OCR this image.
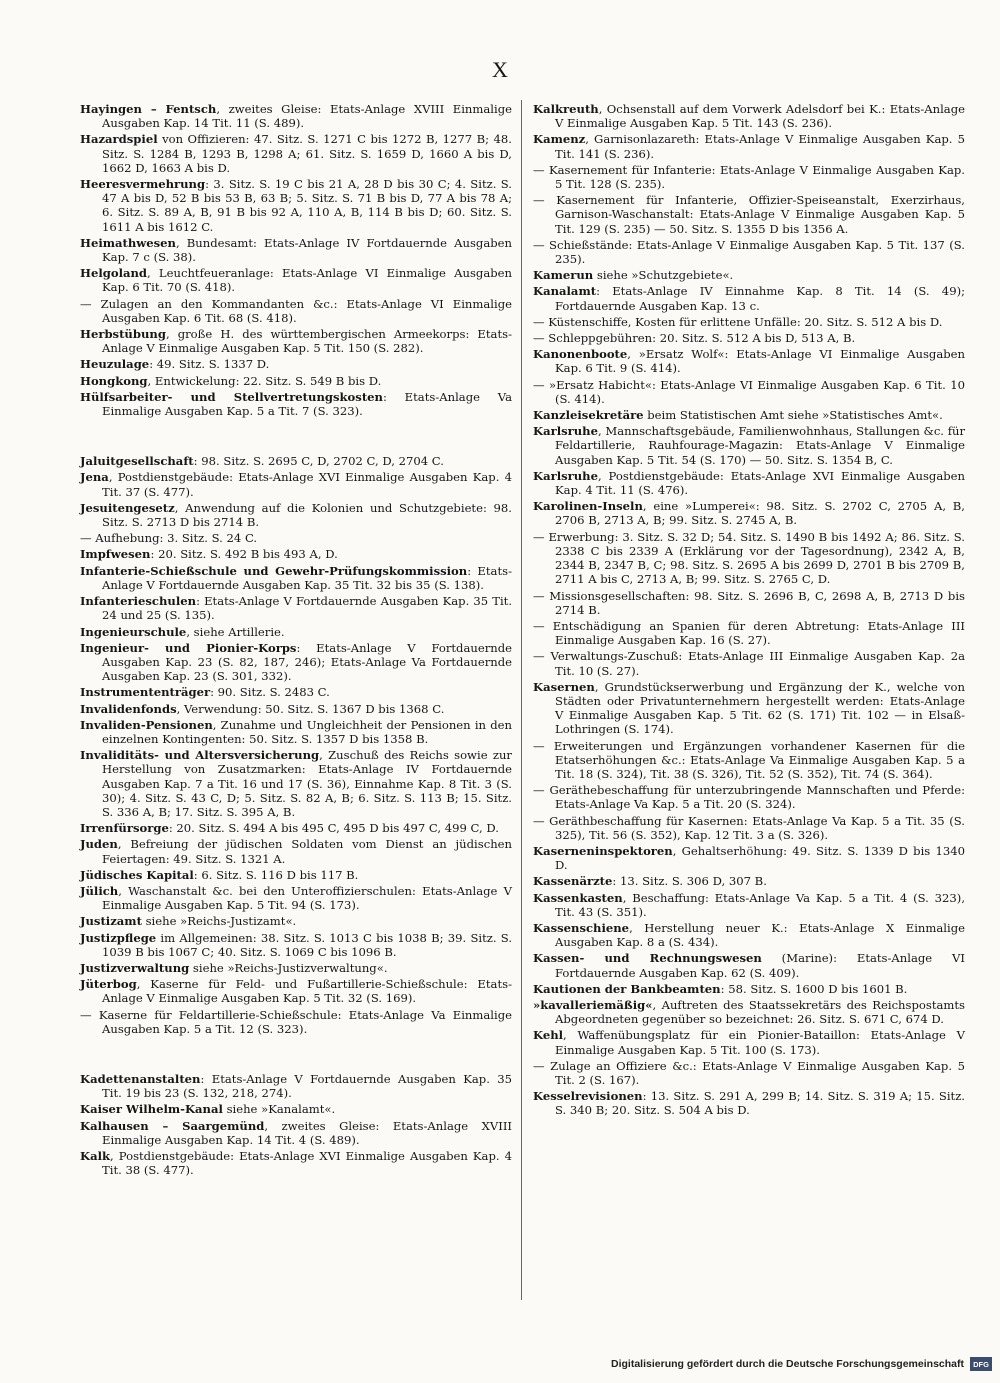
X
Hayingen – Fentsch, zweites Gleise: Etats-Anlage XVIII Einmalige Ausgaben Kap. 14 Tit. 11 (S. 489).
Hazardspiel von Offizieren: 47. Sitz. S. 1271 C bis 1272 B, 1277 B; 48. Sitz. S. 1284 B, 1293 B, 1298 A; 61. Sitz. S. 1659 D, 1660 A bis D, 1662 D, 1663 A bis D.
Heeresvermehrung: 3. Sitz. S. 19 C bis 21 A, 28 D bis 30 C; 4. Sitz. S. 47 A bis D, 52 B bis 53 B, 63 B; 5. Sitz. S. 71 B bis D, 77 A bis 78 A; 6. Sitz. S. 89 A, B, 91 B bis 92 A, 110 A, B, 114 B bis D; 60. Sitz. S. 1611 A bis 1612 C.
Heimathwesen, Bundesamt: Etats-Anlage IV Fortdauernde Ausgaben Kap. 7 c (S. 38).
Helgoland, Leuchtfeueranlage: Etats-Anlage VI Einmalige Ausgaben Kap. 6 Tit. 70 (S. 418).
— Zulagen an den Kommandanten &c.: Etats-Anlage VI Einmalige Ausgaben Kap. 6 Tit. 68 (S. 418).
Herbstübung, große H. des württembergischen Armeekorps: Etats-Anlage V Einmalige Ausgaben Kap. 5 Tit. 150 (S. 282).
Heuzulage: 49. Sitz. S. 1337 D.
Hongkong, Entwickelung: 22. Sitz. S. 549 B bis D.
Hülfsarbeiter- und Stellvertretungskosten: Etats-Anlage Va Einmalige Ausgaben Kap. 5 a Tit. 7 (S. 323).
Jaluitgesellschaft: 98. Sitz. S. 2695 C, D, 2702 C, D, 2704 C.
Jena, Postdienstgebäude: Etats-Anlage XVI Einmalige Ausgaben Kap. 4 Tit. 37 (S. 477).
Jesuitengesetz, Anwendung auf die Kolonien und Schutzgebiete: 98. Sitz. S. 2713 D bis 2714 B.
— Aufhebung: 3. Sitz. S. 24 C.
Impfwesen: 20. Sitz. S. 492 B bis 493 A, D.
Infanterie-Schießschule und Gewehr-Prüfungskommission: Etats-Anlage V Fortdauernde Ausgaben Kap. 35 Tit. 32 bis 35 (S. 138).
Infanterieschulen: Etats-Anlage V Fortdauernde Ausgaben Kap. 35 Tit. 24 und 25 (S. 135).
Ingenieurschule, siehe Artillerie.
Ingenieur- und Pionier-Korps: Etats-Anlage V Fortdauernde Ausgaben Kap. 23 (S. 82, 187, 246); Etats-Anlage Va Fortdauernde Ausgaben Kap. 23 (S. 301, 332).
Instrumententräger: 90. Sitz. S. 2483 C.
Invalidenfonds, Verwendung: 50. Sitz. S. 1367 D bis 1368 C.
Invaliden-Pensionen, Zunahme und Ungleichheit der Pensionen in den einzelnen Kontingenten: 50. Sitz. S. 1357 D bis 1358 B.
Invaliditäts- und Altersversicherung, Zuschuß des Reichs sowie zur Herstellung von Zusatzmarken: Etats-Anlage IV Fortdauernde Ausgaben Kap. 7 a Tit. 16 und 17 (S. 36), Einnahme Kap. 8 Tit. 3 (S. 30); 4. Sitz. S. 43 C, D; 5. Sitz. S. 82 A, B; 6. Sitz. S. 113 B; 15. Sitz. S. 336 A, B; 17. Sitz. S. 395 A, B.
Irrenfürsorge: 20. Sitz. S. 494 A bis 495 C, 495 D bis 497 C, 499 C, D.
Juden, Befreiung der jüdischen Soldaten vom Dienst an jüdischen Feiertagen: 49. Sitz. S. 1321 A.
Jüdisches Kapital: 6. Sitz. S. 116 D bis 117 B.
Jülich, Waschanstalt &c. bei den Unteroffizierschulen: Etats-Anlage V Einmalige Ausgaben Kap. 5 Tit. 94 (S. 173).
Justizamt siehe »Reichs-Justizamt«.
Justizpflege im Allgemeinen: 38. Sitz. S. 1013 C bis 1038 B; 39. Sitz. S. 1039 B bis 1067 C; 40. Sitz. S. 1069 C bis 1096 B.
Justizverwaltung siehe »Reichs-Justizverwaltung«.
Jüterbog, Kaserne für Feld- und Fußartillerie-Schießschule: Etats-Anlage V Einmalige Ausgaben Kap. 5 Tit. 32 (S. 169).
— Kaserne für Feldartillerie-Schießschule: Etats-Anlage Va Einmalige Ausgaben Kap. 5 a Tit. 12 (S. 323).
Kadettenanstalten: Etats-Anlage V Fortdauernde Ausgaben Kap. 35 Tit. 19 bis 23 (S. 132, 218, 274).
Kaiser Wilhelm-Kanal siehe »Kanalamt«.
Kalhausen – Saargemünd, zweites Gleise: Etats-Anlage XVIII Einmalige Ausgaben Kap. 14 Tit. 4 (S. 489).
Kalk, Postdienstgebäude: Etats-Anlage XVI Einmalige Ausgaben Kap. 4 Tit. 38 (S. 477).
Kalkreuth, Ochsenstall auf dem Vorwerk Adelsdorf bei K.: Etats-Anlage V Einmalige Ausgaben Kap. 5 Tit. 143 (S. 236).
Kamenz, Garnisonlazareth: Etats-Anlage V Einmalige Ausgaben Kap. 5 Tit. 141 (S. 236).
— Kasernement für Infanterie: Etats-Anlage V Einmalige Ausgaben Kap. 5 Tit. 128 (S. 235).
— Kasernement für Infanterie, Offizier-Speiseanstalt, Exerzirhaus, Garnison-Waschanstalt: Etats-Anlage V Einmalige Ausgaben Kap. 5 Tit. 129 (S. 235) — 50. Sitz. S. 1355 D bis 1356 A.
— Schießstände: Etats-Anlage V Einmalige Ausgaben Kap. 5 Tit. 137 (S. 235).
Kamerun siehe »Schutzgebiete«.
Kanalamt: Etats-Anlage IV Einnahme Kap. 8 Tit. 14 (S. 49); Fortdauernde Ausgaben Kap. 13 c.
— Küstenschiffe, Kosten für erlittene Unfälle: 20. Sitz. S. 512 A bis D.
— Schleppgebühren: 20. Sitz. S. 512 A bis D, 513 A, B.
Kanonenboote, »Ersatz Wolf«: Etats-Anlage VI Einmalige Ausgaben Kap. 6 Tit. 9 (S. 414).
— »Ersatz Habicht«: Etats-Anlage VI Einmalige Ausgaben Kap. 6 Tit. 10 (S. 414).
Kanzleisekretäre beim Statistischen Amt siehe »Statistisches Amt«.
Karlsruhe, Mannschaftsgebäude, Familienwohnhaus, Stallungen &c. für Feldartillerie, Rauhfourage-Magazin: Etats-Anlage V Einmalige Ausgaben Kap. 5 Tit. 54 (S. 170) — 50. Sitz. S. 1354 B, C.
Karlsruhe, Postdienstgebäude: Etats-Anlage XVI Einmalige Ausgaben Kap. 4 Tit. 11 (S. 476).
Karolinen-Inseln, eine »Lumperei«: 98. Sitz. S. 2702 C, 2705 A, B, 2706 B, 2713 A, B; 99. Sitz. S. 2745 A, B.
— Erwerbung: 3. Sitz. S. 32 D; 54. Sitz. S. 1490 B bis 1492 A; 86. Sitz. S. 2338 C bis 2339 A (Erklärung vor der Tagesordnung), 2342 A, B, 2344 B, 2347 B, C; 98. Sitz. S. 2695 A bis 2699 D, 2701 B bis 2709 B, 2711 A bis C, 2713 A, B; 99. Sitz. S. 2765 C, D.
— Missionsgesellschaften: 98. Sitz. S. 2696 B, C, 2698 A, B, 2713 D bis 2714 B.
— Entschädigung an Spanien für deren Abtretung: Etats-Anlage III Einmalige Ausgaben Kap. 16 (S. 27).
— Verwaltungs-Zuschuß: Etats-Anlage III Einmalige Ausgaben Kap. 2a Tit. 10 (S. 27).
Kasernen, Grundstückserwerbung und Ergänzung der K., welche von Städten oder Privatunternehmern hergestellt werden: Etats-Anlage V Einmalige Ausgaben Kap. 5 Tit. 62 (S. 171) Tit. 102 — in Elsaß-Lothringen (S. 174).
— Erweiterungen und Ergänzungen vorhandener Kasernen für die Etatserhöhungen &c.: Etats-Anlage Va Einmalige Ausgaben Kap. 5 a Tit. 18 (S. 324), Tit. 38 (S. 326), Tit. 52 (S. 352), Tit. 74 (S. 364).
— Geräthebeschaffung für unterzubringende Mannschaften und Pferde: Etats-Anlage Va Kap. 5 a Tit. 20 (S. 324).
— Geräthbeschaffung für Kasernen: Etats-Anlage Va Kap. 5 a Tit. 35 (S. 325), Tit. 56 (S. 352), Kap. 12 Tit. 3 a (S. 326).
Kaserneninspektoren, Gehaltserhöhung: 49. Sitz. S. 1339 D bis 1340 D.
Kassenärzte: 13. Sitz. S. 306 D, 307 B.
Kassenkasten, Beschaffung: Etats-Anlage Va Kap. 5 a Tit. 4 (S. 323), Tit. 43 (S. 351).
Kassenschiene, Herstellung neuer K.: Etats-Anlage X Einmalige Ausgaben Kap. 8 a (S. 434).
Kassen- und Rechnungswesen (Marine): Etats-Anlage VI Fortdauernde Ausgaben Kap. 62 (S. 409).
Kautionen der Bankbeamten: 58. Sitz. S. 1600 D bis 1601 B.
»kavalleriemäßig«, Auftreten des Staatssekretärs des Reichspostamts Abgeordneten gegenüber so bezeichnet: 26. Sitz. S. 671 C, 674 D.
Kehl, Waffenübungsplatz für ein Pionier-Bataillon: Etats-Anlage V Einmalige Ausgaben Kap. 5 Tit. 100 (S. 173).
— Zulage an Offiziere &c.: Etats-Anlage V Einmalige Ausgaben Kap. 5 Tit. 2 (S. 167).
Kesselrevisionen: 13. Sitz. S. 291 A, 299 B; 14. Sitz. S. 319 A; 15. Sitz. S. 340 B; 20. Sitz. S. 504 A bis D.
Digitalisierung gefördert durch die Deutsche Forschungsgemeinschaft	DFG
